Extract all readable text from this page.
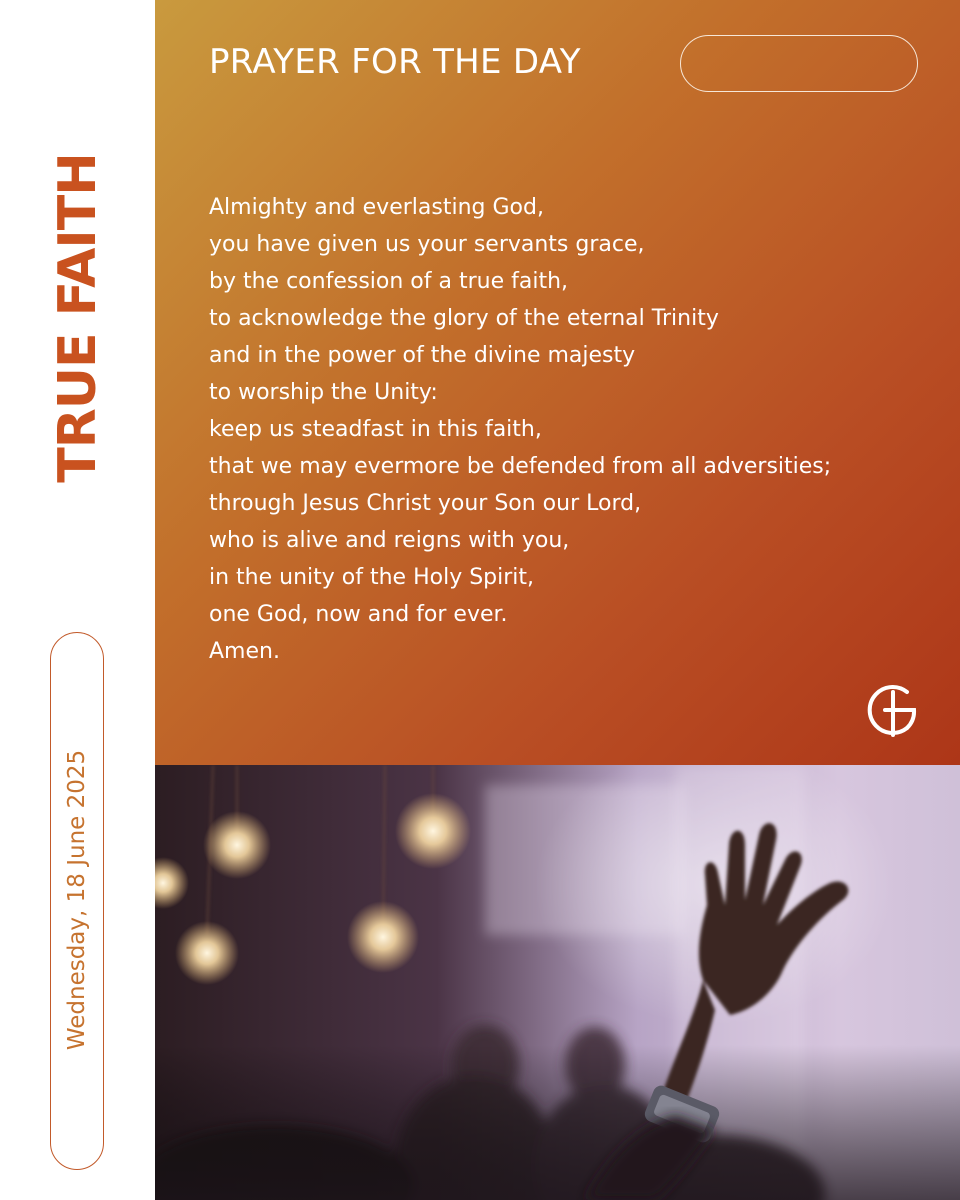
TRUE FAITH
Wednesday, 18 June 2025
PRAYER FOR THE DAY
Almighty and everlasting God,
you have given us your servants grace,
by the confession of a true faith,
to acknowledge the glory of the eternal Trinity
and in the power of the divine majesty
to worship the Unity:
keep us steadfast in this faith,
that we may evermore be defended from all adversities;
through Jesus Christ your Son our Lord,
who is alive and reigns with you,
in the unity of the Holy Spirit,
one God, now and for ever.
Amen.
